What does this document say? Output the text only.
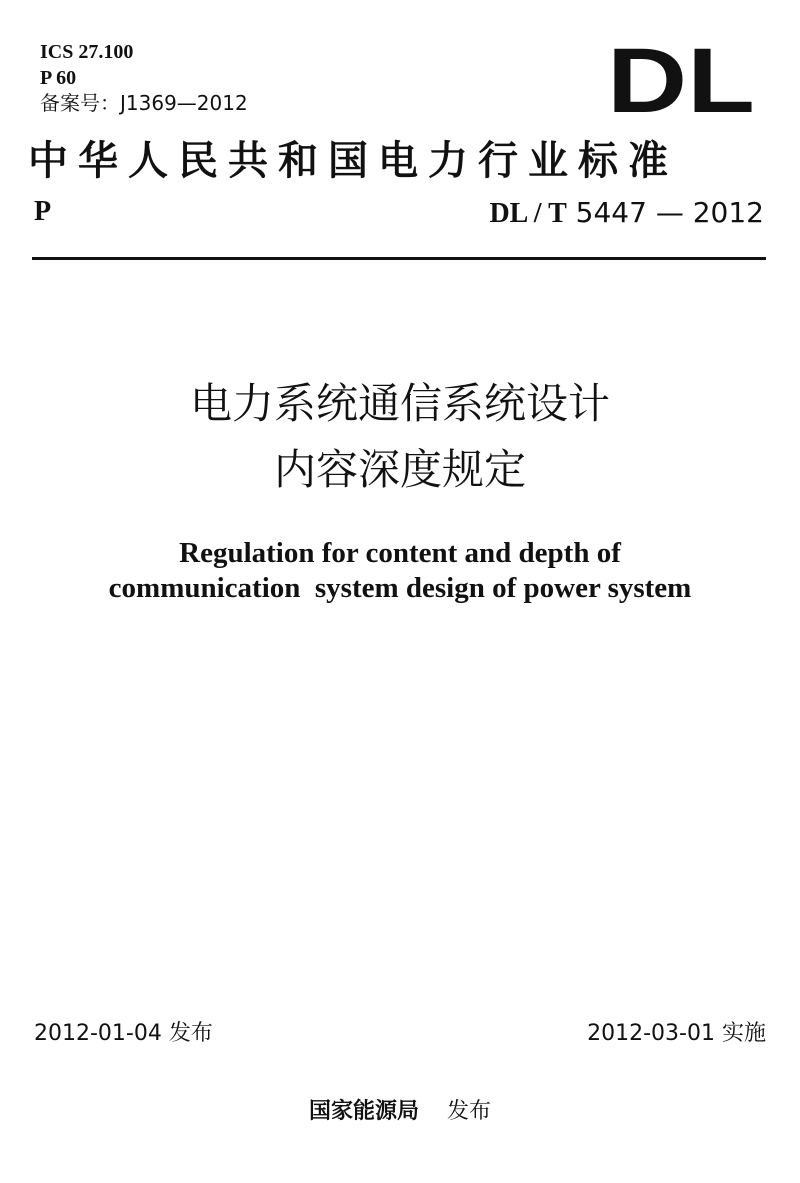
ICS 27.100
P 60
备案号：J1369—2012	DL
中华人民共和国电力行业标准
P	DL / T 5447 — 2012
电力系统通信系统设计
内容深度规定
Regulation for content and depth of
communication  system design of power system
2012-01-04 发布	2012-03-01 实施
国家能源局 发布
